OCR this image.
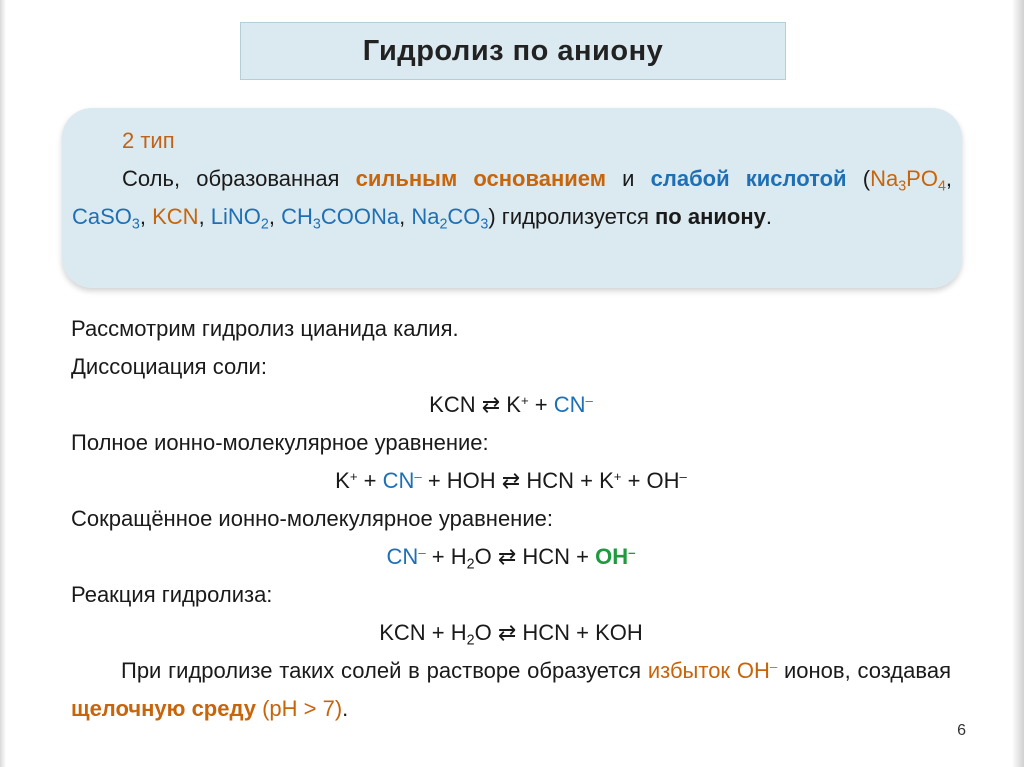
Гидролиз по аниону
2 тип
Соль, образованная сильным основанием и слабой кислотой ($Na_3PO_4$, CaSO$_3$, KCN, LiNO$_2$, $CH_3COONa$, $Na_2CO_3$) гидролизуется по аниону.
Рассмотрим гидролиз цианида калия.
Диссоциация соли:
KCN ⇄ K+ + CN–
Полное ионно-молекулярное уравнение:
K+ + CN– + HOH ⇄ HCN + K+ + OH–
Сокращённое ионно-молекулярное уравнение:
$CN^- + H_2O$ ⇄ HCN + OH–
Реакция гидролиза:
KCN + $H_2O$ ⇄ HCN + KOH
При гидролизе таких солей в растворе образуется избыток OH– ионов, создавая щелочную среду (pH > 7).
6
